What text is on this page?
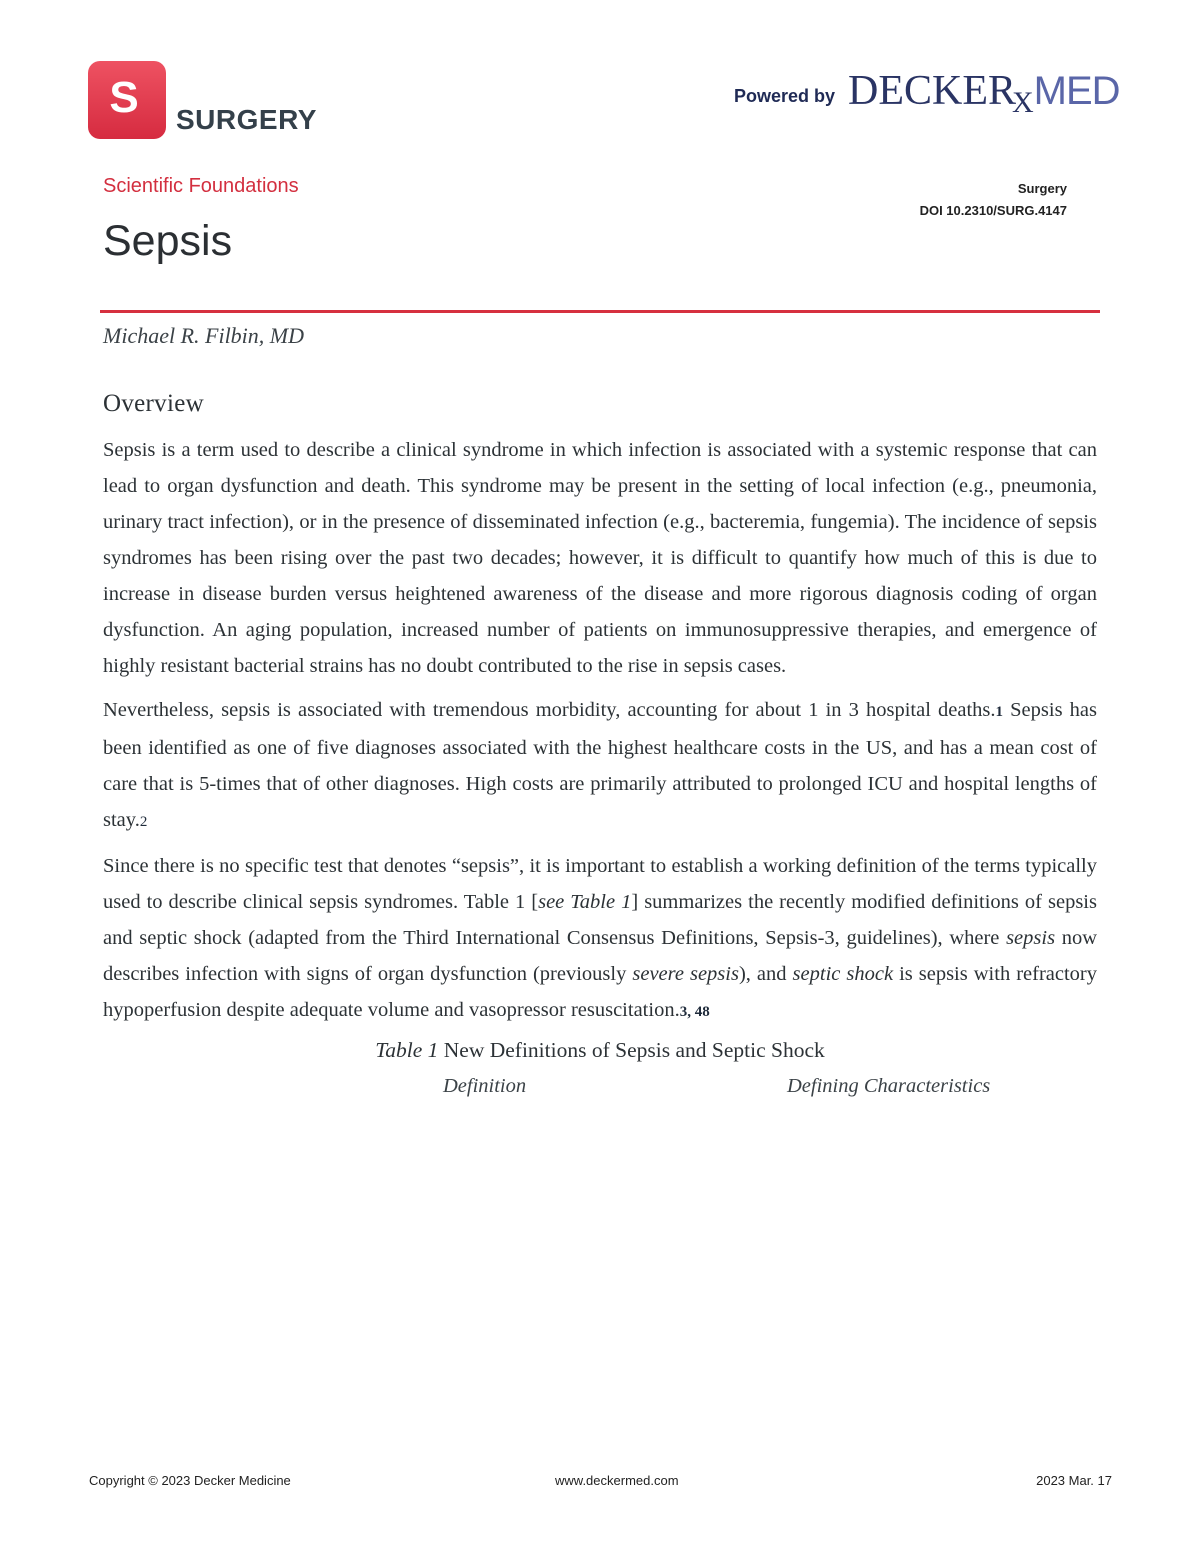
S SURGERY
Powered by DECKERXMED
Scientific Foundations	Surgery
DOI 10.2310/SURG.4147
Sepsis
Michael R. Filbin, MD
Overview

Sepsis is a term used to describe a clinical syndrome in which infection is associated with a systemic response that can lead to organ dysfunction and death. This syndrome may be present in the setting of local infection (e.g., pneumonia, urinary tract infection), or in the presence of disseminated infection (e.g., bacteremia, fungemia). The incidence of sepsis syndromes has been rising over the past two decades; however, it is difficult to quantify how much of this is due to increase in disease burden versus heightened awareness of the disease and more rigorous diagnosis coding of organ dysfunction. An aging population, increased number of patients on immunosuppressive therapies, and emergence of highly resistant bacterial strains has no doubt contributed to the rise in sepsis cases.

Nevertheless, sepsis is associated with tremendous morbidity, accounting for about 1 in 3 hospital deaths.1 Sepsis has been identified as one of five diagnoses associated with the highest healthcare costs in the US, and has a mean cost of care that is 5-times that of other diagnoses. High costs are primarily attributed to prolonged ICU and hospital lengths of stay.2

Since there is no specific test that denotes “sepsis”, it is important to establish a working definition of the terms typically used to describe clinical sepsis syndromes. Table 1 [see Table 1] summarizes the recently modified definitions of sepsis and septic shock (adapted from the Third International Consensus Definitions, Sepsis-3, guidelines), where sepsis now describes infection with signs of organ dysfunction (previously severe sepsis), and septic shock is sepsis with refractory hypoperfusion despite adequate volume and vasopressor resuscitation.3, 48

Table 1 New Definitions of Sepsis and Septic Shock
Definition	Defining Characteristics
Copyright © 2023 Decker Medicine	www.deckermed.com	2023 Mar. 17
